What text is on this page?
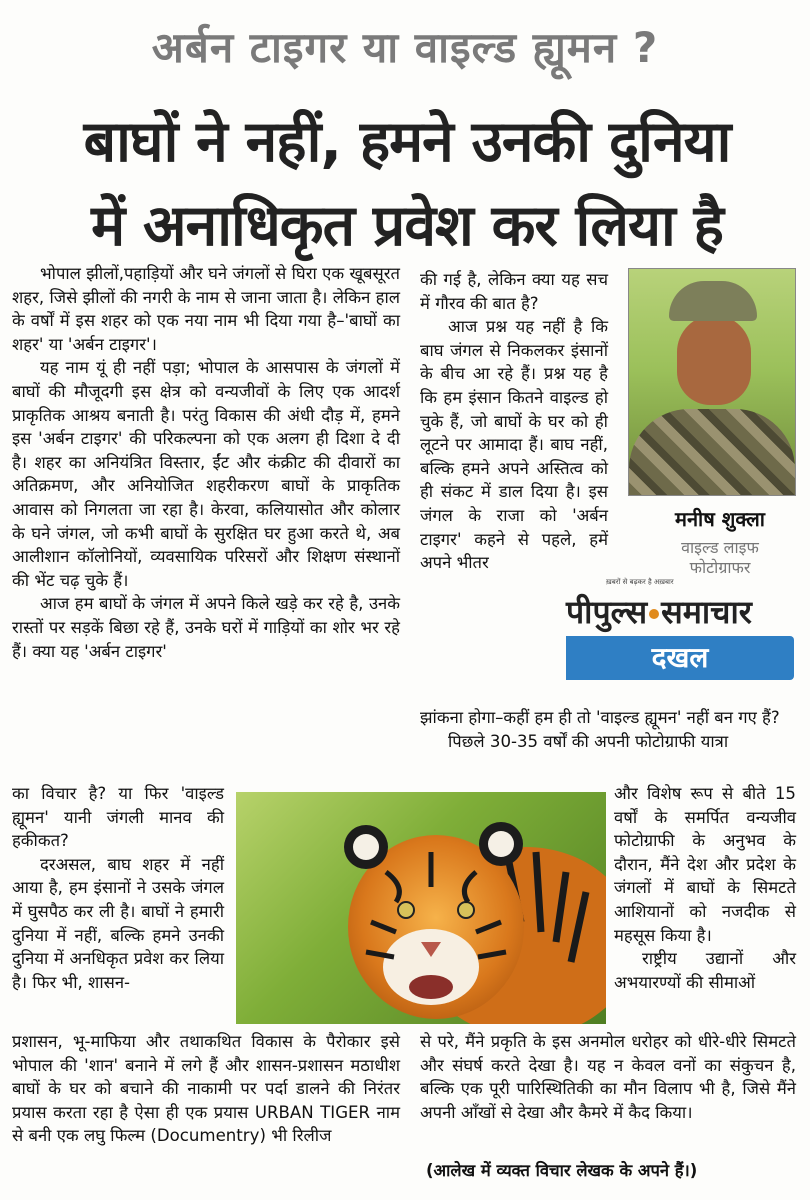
अर्बन टाइगर या वाइल्ड ह्यूमन ?
बाघों ने नहीं, हमने उनकी दुनिया
में अनाधिकृत प्रवेश कर लिया है

भोपाल झीलों,पहाड़ियों और घने जंगलों से घिरा एक खूबसूरत शहर, जिसे झीलों की नगरी के नाम से जाना जाता है। लेकिन हाल के वर्षों में इस शहर को एक नया नाम भी दिया गया है–'बाघों का शहर' या 'अर्बन टाइगर'।

यह नाम यूं ही नहीं पड़ा; भोपाल के आसपास के जंगलों में बाघों की मौजूदगी इस क्षेत्र को वन्यजीवों के लिए एक आदर्श प्राकृतिक आश्रय बनाती है। परंतु विकास की अंधी दौड़ में, हमने इस 'अर्बन टाइगर' की परिकल्पना को एक अलग ही दिशा दे दी है। शहर का अनियंत्रित विस्तार, ईंट और कंक्रीट की दीवारों का अतिक्रमण, और अनियोजित शहरीकरण बाघों के प्राकृतिक आवास को निगलता जा रहा है। केरवा, कलियासोत और कोलार के घने जंगल, जो कभी बाघों के सुरक्षित घर हुआ करते थे, अब आलीशान कॉलोनियों, व्यवसायिक परिसरों और शिक्षण संस्थानों की भेंट चढ़ चुके हैं।

आज हम बाघों के जंगल में अपने किले खड़े कर रहे है, उनके रास्तों पर सड़कें बिछा रहे हैं, उनके घरों में गाड़ियों का शोर भर रहे हैं। क्या यह 'अर्बन टाइगर'

का विचार है? या फिर 'वाइल्ड ह्यूमन' यानी जंगली मानव की हकीकत?

दरअसल, बाघ शहर में नहीं आया है, हम इंसानों ने उसके जंगल में घुसपैठ कर ली है। बाघों ने हमारी दुनिया में नहीं, बल्कि हमने उनकी दुनिया में अनधिकृत प्रवेश कर लिया है। फिर भी, शासन-

प्रशासन, भू-माफिया और तथाकथित विकास के पैरोकार इसे भोपाल की 'शान' बनाने में लगे हैं और शासन-प्रशासन मठाधीश बाघों के घर को बचाने की नाकामी पर पर्दा डालने की निरंतर प्रयास करता रहा है ऐसा ही एक प्रयास URBAN TIGER नाम से बनी एक लघु फिल्म (Documentry) भी रिलीज

की गई है, लेकिन क्या यह सच में गौरव की बात है?

आज प्रश्न यह नहीं है कि बाघ जंगल से निकलकर इंसानों के बीच आ रहे हैं। प्रश्न यह है कि हम इंसान कितने वाइल्ड हो चुके हैं, जो बाघों के घर को ही लूटने पर आमादा हैं। बाघ नहीं, बल्कि हमने अपने अस्तित्व को ही संकट में डाल दिया है। इस जंगल के राजा को 'अर्बन टाइगर' कहने से पहले, हमें अपने भीतर

झांकना होगा–कहीं हम ही तो 'वाइल्ड ह्यूमन' नहीं बन गए हैं?

पिछले 30-35 वर्षों की अपनी फोटोग्राफी यात्रा

और विशेष रूप से बीते 15 वर्षों के समर्पित वन्यजीव फोटोग्राफी के अनुभव के दौरान, मैंने देश और प्रदेश के जंगलों में बाघों के सिमटते आशियानों को नजदीक से महसूस किया है।

राष्ट्रीय उद्यानों और अभयारण्यों की सीमाओं

से परे, मैंने प्रकृति के इस अनमोल धरोहर को धीरे-धीरे सिमटते और संघर्ष करते देखा है। यह न केवल वनों का संकुचन है, बल्कि एक पूरी पारिस्थितिकी का मौन विलाप भी है, जिसे मैंने अपनी आँखों से देखा और कैमरे में कैद किया।

मनीष शुक्ला
वाइल्ड लाइफ
फोटोग्राफर
ख़बरों से बढ़कर है अख़बार
पीपुल्स समाचार
दखल
(आलेख में व्यक्त विचार लेखक के अपने हैं।)
